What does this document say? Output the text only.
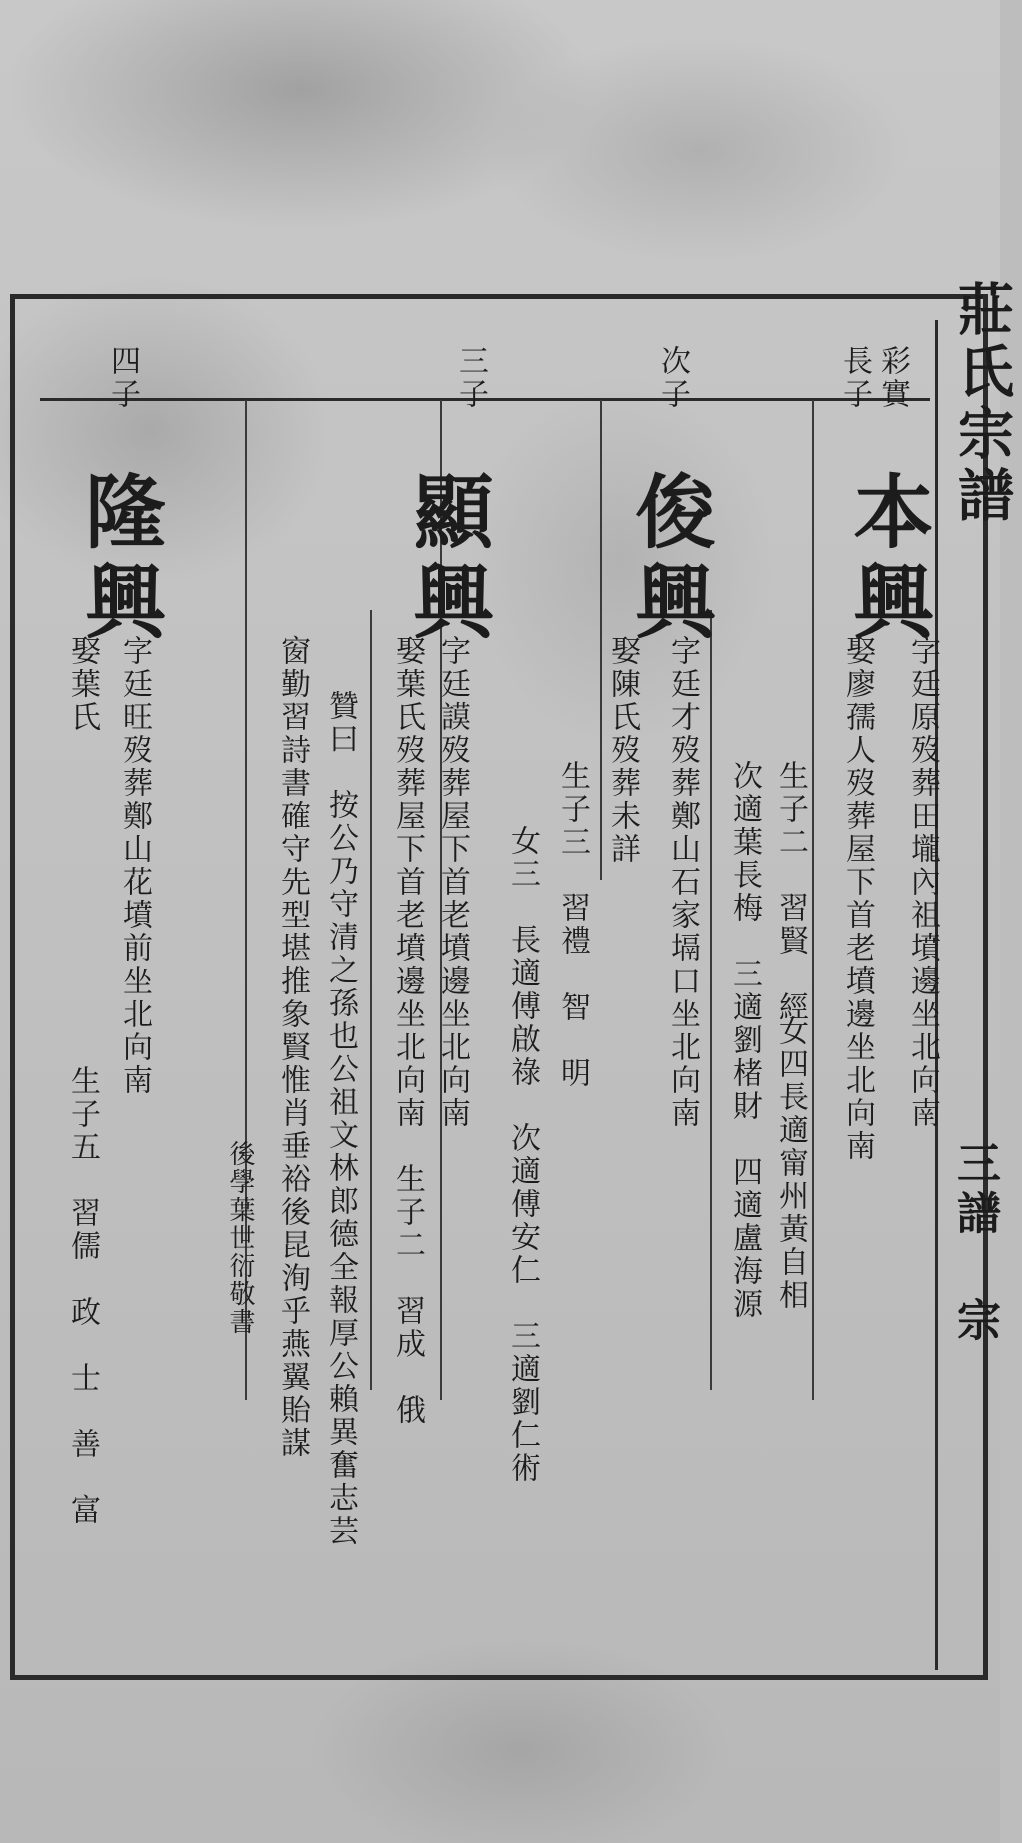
莊氏宗譜
三譜 宗
彩實
長子
本興
字廷原歿葬田壠內祖墳邊坐北向南
娶廖孺人歿葬屋下首老墳邊坐北向南
生子二　習賢　經
女四長適甯州黃自相
次適葉長梅　三適劉楮財　四適盧海源
次子
俊興
字廷才歿葬鄭山石家塥口坐北向南
娶陳氏歿葬未詳
生子三　習禮　智　明
女三　長適傅啟祿　次適傅安仁　三適劉仁術
三子
顯興
字廷謨歿葬屋下首老墳邊坐北向南
娶葉氏歿葬屋下首老墳邊坐北向南　生子二　習成　俄
贊曰　按公乃守清之孫也公祖文林郎德全報厚公賴異奮志芸
窗勤習詩書確守先型堪推象賢惟肖垂裕後昆洵乎燕翼貽謀
後學葉世衍敬書
四子
隆興
字廷旺歿葬鄭山花墳前坐北向南
娶葉氏
生子五　習儒　政　士　善　富
